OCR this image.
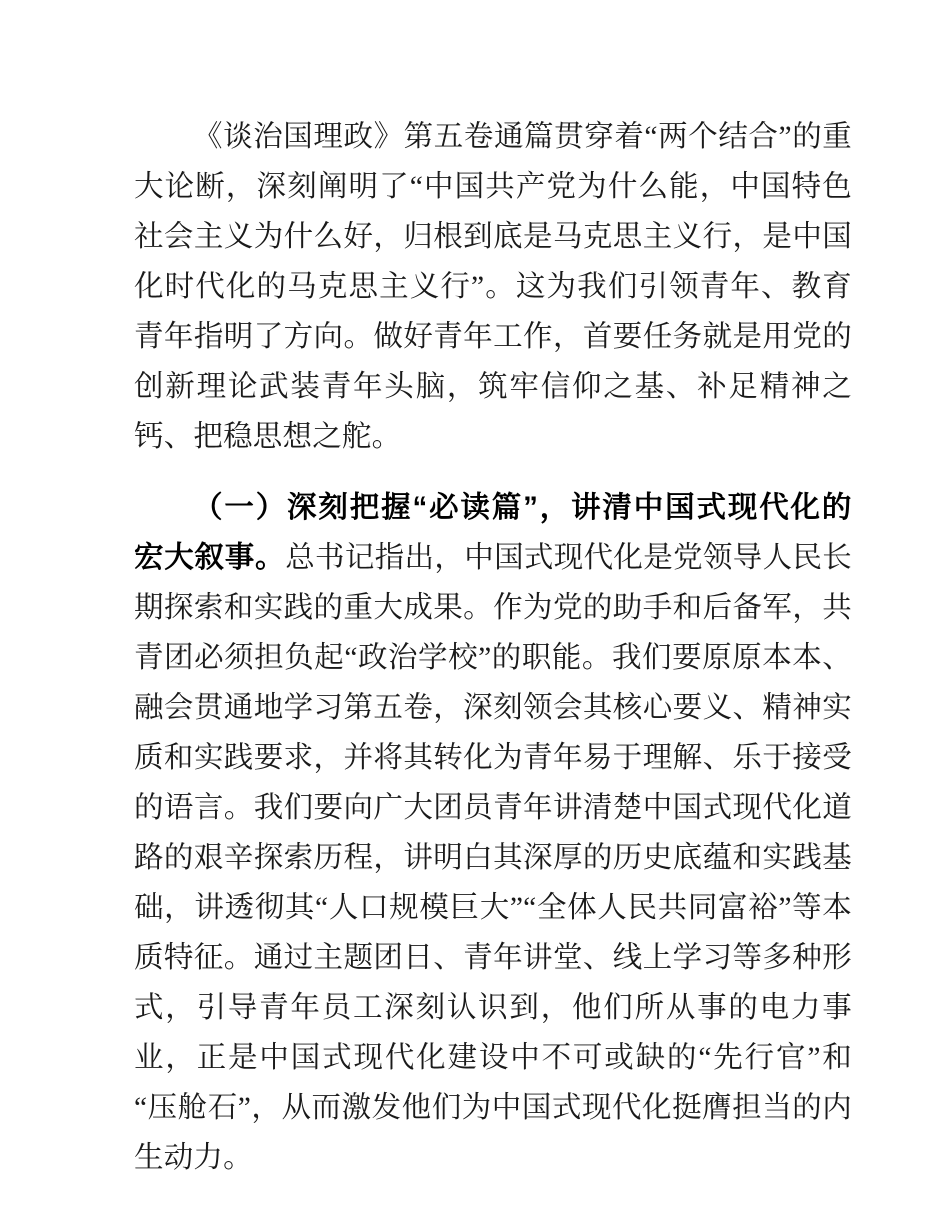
《谈治国理政》第五卷通篇贯穿着“两个结合”的重大论断，深刻阐明了“中国共产党为什么能，中国特色社会主义为什么好，归根到底是马克思主义行，是中国化时代化的马克思主义行”。这为我们引领青年、教育青年指明了方向。做好青年工作，首要任务就是用党的创新理论武装青年头脑，筑牢信仰之基、补足精神之钙、把稳思想之舵。

（一）深刻把握“必读篇”，讲清中国式现代化的宏大叙事。总书记指出，中国式现代化是党领导人民长期探索和实践的重大成果。作为党的助手和后备军，共青团必须担负起“政治学校”的职能。我们要原原本本、融会贯通地学习第五卷，深刻领会其核心要义、精神实质和实践要求，并将其转化为青年易于理解、乐于接受的语言。我们要向广大团员青年讲清楚中国式现代化道路的艰辛探索历程，讲明白其深厚的历史底蕴和实践基础，讲透彻其“人口规模巨大”“全体人民共同富裕”等本质特征。通过主题团日、青年讲堂、线上学习等多种形式，引导青年员工深刻认识到，他们所从事的电力事业，正是中国式现代化建设中不可或缺的“先行官”和“压舱石”，从而激发他们为中国式现代化挺膺担当的内生动力。
